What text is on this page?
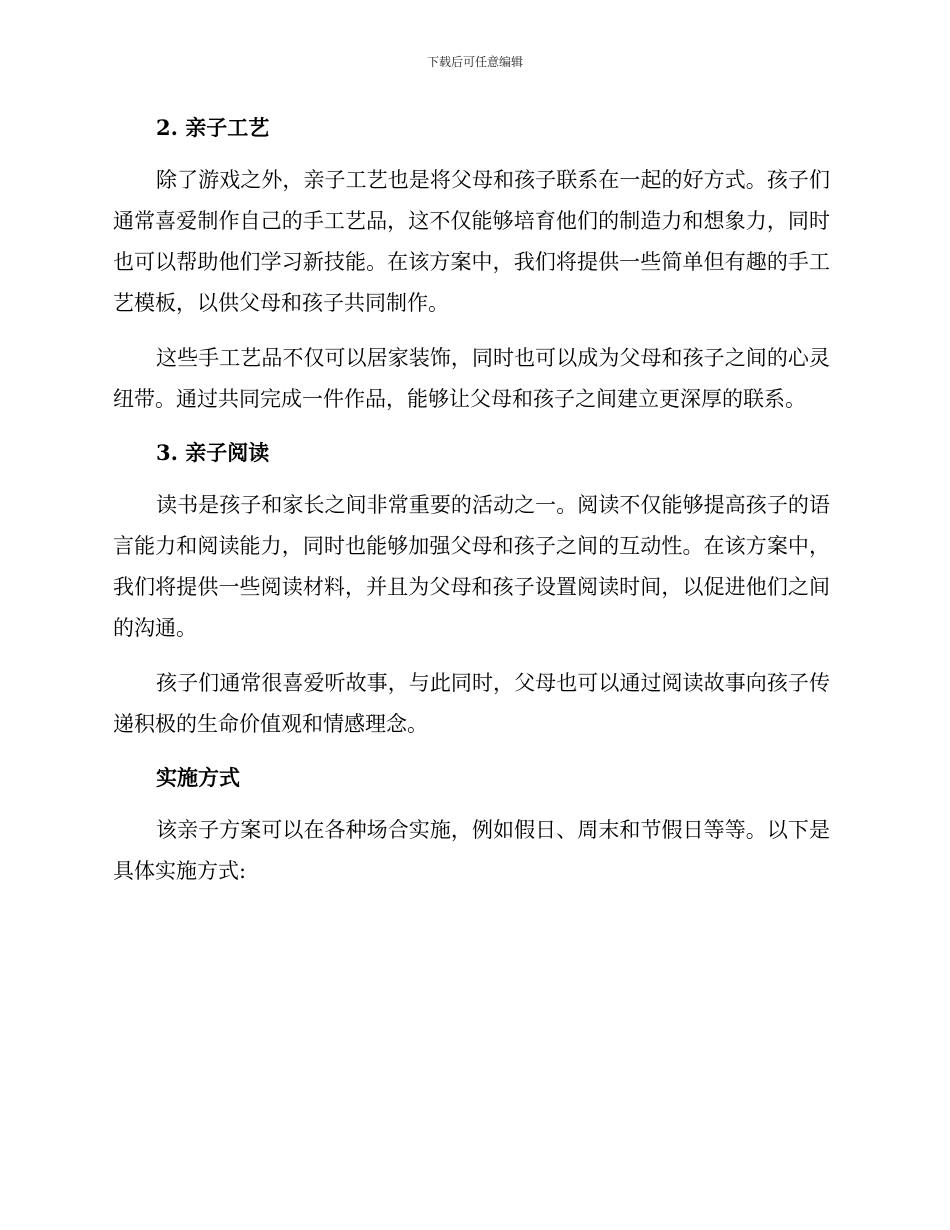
下载后可任意编辑
2. 亲子工艺

除了游戏之外，亲子工艺也是将父母和孩子联系在一起的好方式。孩子们通常喜爱制作自己的手工艺品，这不仅能够培育他们的制造力和想象力，同时也可以帮助他们学习新技能。在该方案中，我们将提供一些简单但有趣的手工艺模板，以供父母和孩子共同制作。

这些手工艺品不仅可以居家装饰，同时也可以成为父母和孩子之间的心灵纽带。通过共同完成一件作品，能够让父母和孩子之间建立更深厚的联系。

3. 亲子阅读

读书是孩子和家长之间非常重要的活动之一。阅读不仅能够提高孩子的语言能力和阅读能力，同时也能够加强父母和孩子之间的互动性。在该方案中，我们将提供一些阅读材料，并且为父母和孩子设置阅读时间，以促进他们之间的沟通。

孩子们通常很喜爱听故事，与此同时，父母也可以通过阅读故事向孩子传递积极的生命价值观和情感理念。

实施方式

该亲子方案可以在各种场合实施，例如假日、周末和节假日等等。以下是具体实施方式:
